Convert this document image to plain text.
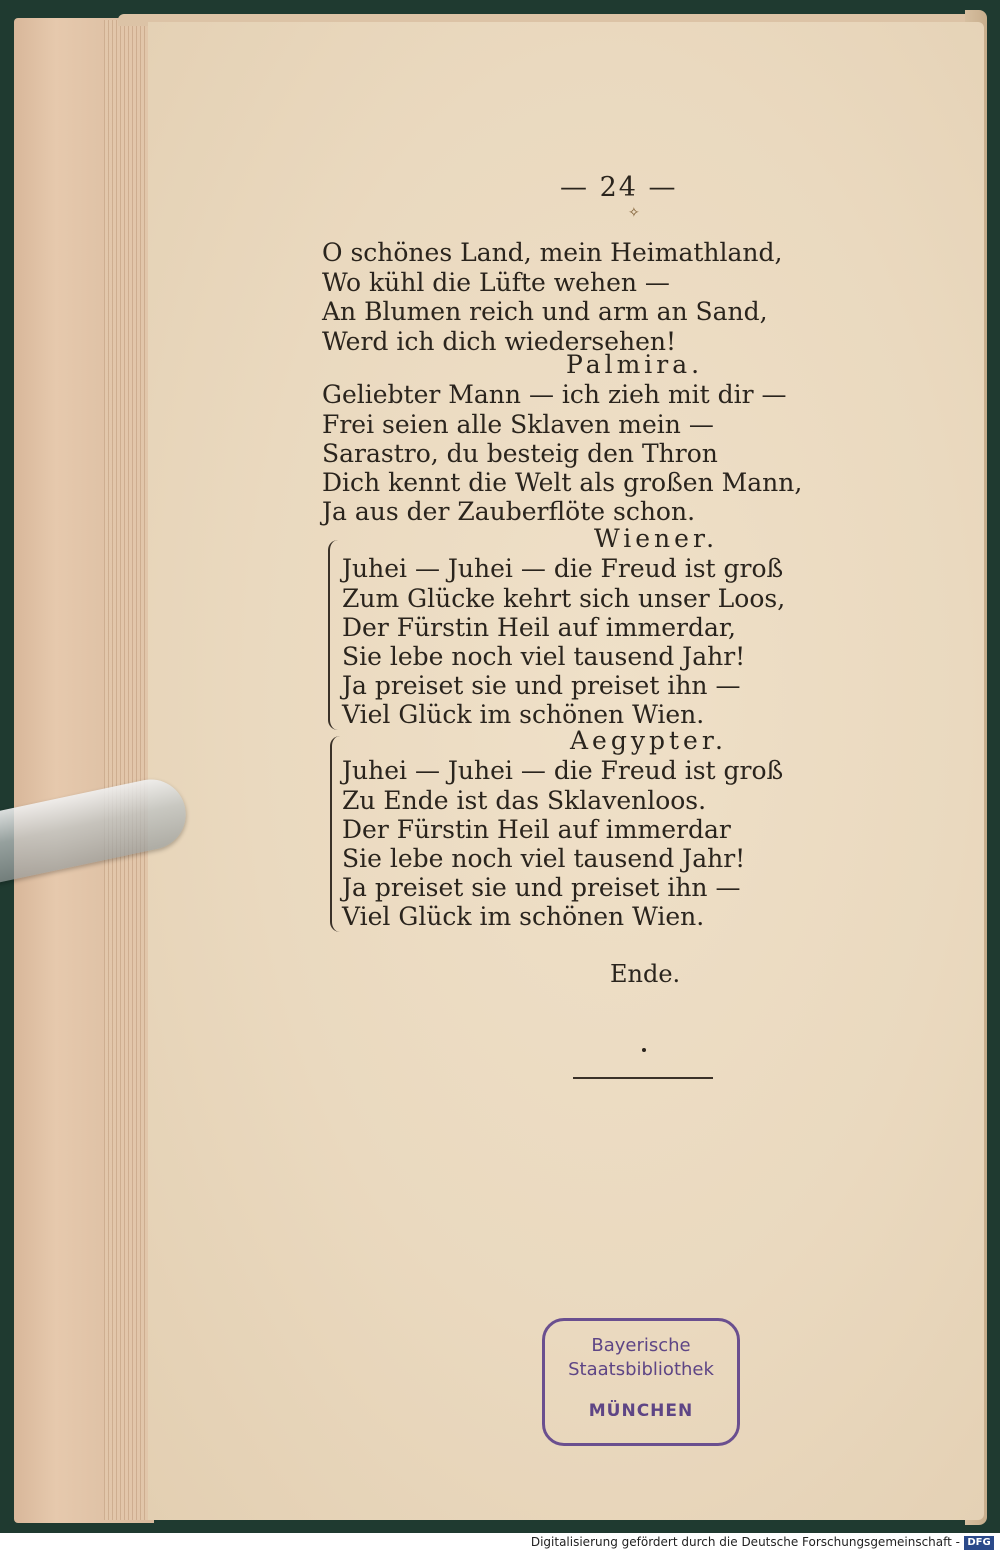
— 24 —
✧
O schönes Land, mein Heimathland,
Wo kühl die Lüfte wehen —
An Blumen reich und arm an Sand,
Werd ich dich wiedersehen!
Palmira.
Geliebter Mann — ich zieh mit dir —
Frei seien alle Sklaven mein —
Sarastro, du besteig den Thron
Dich kennt die Welt als großen Mann,
Ja aus der Zauberflöte schon.
Wiener.
Juhei — Juhei — die Freud ist groß
Zum Glücke kehrt sich unser Loos,
Der Fürstin Heil auf immerdar,
Sie lebe noch viel tausend Jahr!
Ja preiset sie und preiset ihn —
Viel Glück im schönen Wien.
Aegypter.
Juhei — Juhei — die Freud ist groß
Zu Ende ist das Sklavenloos.
Der Fürstin Heil auf immerdar
Sie lebe noch viel tausend Jahr!
Ja preiset sie und preiset ihn —
Viel Glück im schönen Wien.
Ende.
Bayerische
Staatsbibliothek
MÜNCHEN
Digitalisierung gefördert durch die Deutsche Forschungsgemeinschaft - DFG
